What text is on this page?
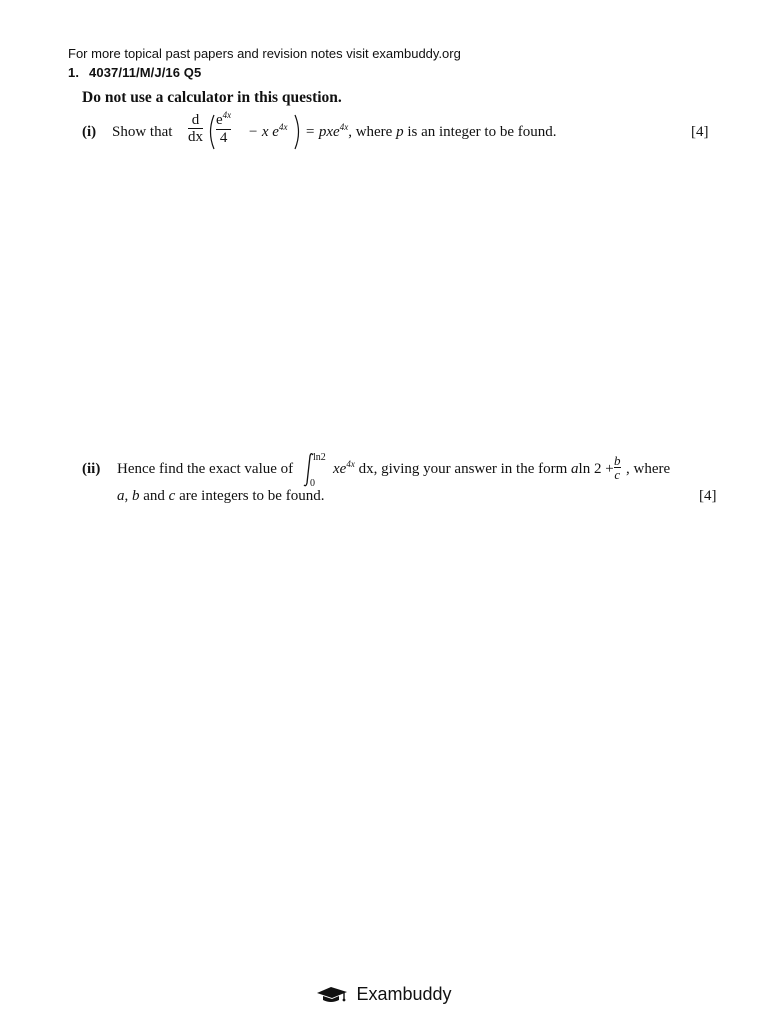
For more topical past papers and revision notes visit exambuddy.org
1. 4037/11/M/J/16 Q5
Do not use a calculator in this question.
(i) Show that
d
dx
$e^{4x}$
4 − x $e^{4x} = pxe^{4x}$, where p is an integer to be found.	[4]
(ii) Hence find the exact value of
ln2
0
$xe^{4x}$ dx, giving your answer in the form aln 2 +
b
c , where
a, b and c are integers to be found.	[4]
Exambuddy
